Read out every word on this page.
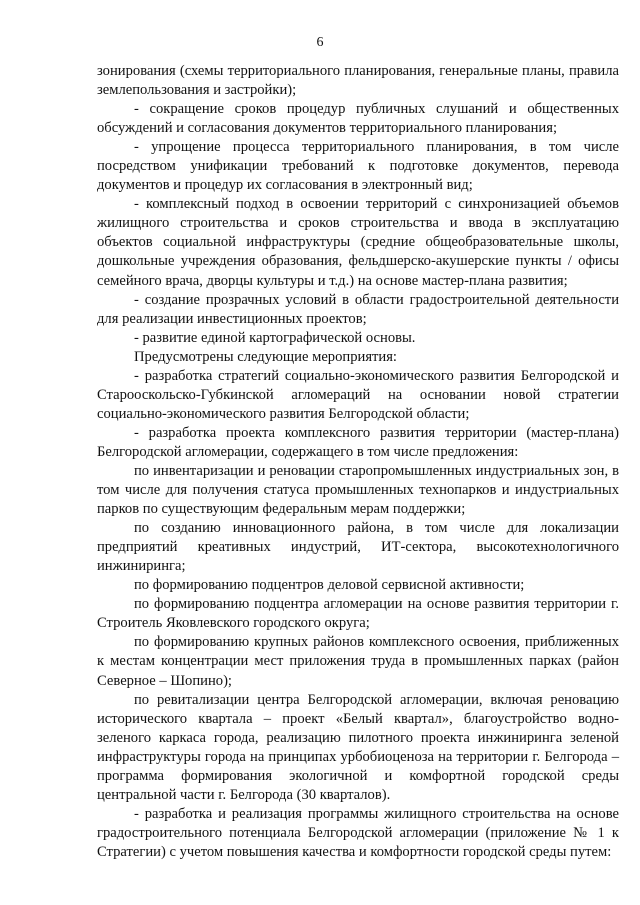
6

зонирования (схемы территориального планирования, генеральные планы, правила землепользования и застройки);

- сокращение сроков процедур публичных слушаний и общественных обсуждений и согласования документов территориального планирования;

- упрощение процесса территориального планирования, в том числе посредством унификации требований к подготовке документов, перевода документов и процедур их согласования в электронный вид;

- комплексный подход в освоении территорий с синхронизацией объемов жилищного строительства и сроков строительства и ввода в эксплуатацию объектов социальной инфраструктуры (средние общеобразовательные школы, дошкольные учреждения образования, фельдшерско-акушерские пункты / офисы семейного врача, дворцы культуры и т.д.) на основе мастер-плана развития;

- создание прозрачных условий в области градостроительной деятельности для реализации инвестиционных проектов;

- развитие единой картографической основы.

Предусмотрены следующие мероприятия:

- разработка стратегий социально-экономического развития Белгородской и Старооскольско-Губкинской агломераций на основании новой стратегии социально-экономического развития Белгородской области;

- разработка проекта комплексного развития территории (мастер-плана) Белгородской агломерации, содержащего в том числе предложения:

по инвентаризации и реновации старопромышленных индустриальных зон, в том числе для получения статуса промышленных технопарков и индустриальных парков по существующим федеральным мерам поддержки;

по созданию инновационного района, в том числе для локализации предприятий креативных индустрий, ИТ-сектора, высокотехнологичного инжиниринга;

по формированию подцентров деловой сервисной активности;

по формированию подцентра агломерации на основе развития территории г. Строитель Яковлевского городского округа;

по формированию крупных районов комплексного освоения, приближенных к местам концентрации мест приложения труда в промышленных парках (район Северное – Шопино);

по ревитализации центра Белгородской агломерации, включая реновацию исторического квартала – проект «Белый квартал», благоустройство водно-зеленого каркаса города, реализацию пилотного проекта инжиниринга зеленой инфраструктуры города на принципах урбобиоценоза на территории г. Белгорода – программа формирования экологичной и комфортной городской среды центральной части г. Белгорода (30 кварталов).

- разработка и реализация программы жилищного строительства на основе градостроительного потенциала Белгородской агломерации (приложение № 1 к Стратегии) с учетом повышения качества и комфортности городской среды путем:
